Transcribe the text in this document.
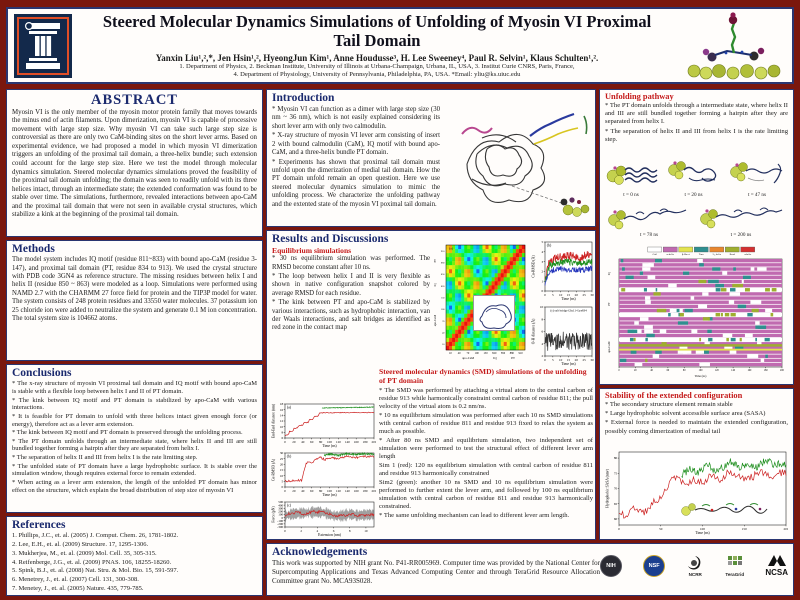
Steered Molecular Dynamics Simulations of Unfolding of Myosin VI Proximal Tail Domain
Yanxin Liu¹,²,*, Jen Hsin¹,², HyeongJun Kim¹, Anne Houdusse³, H. Lee Sweeney⁴, Paul R. Selvin¹, Klaus Schulten¹,².
1. Department of Physics, 2. Beckman Institute, University of Illinois at Urbana-Champaign, Urbana, IL, USA, 3. Institut Curie CNRS, Paris, France,
4. Department of Physiology, University of Pennsylvania, Philadelphia, PA, USA. *Email: yliu@ks.uiuc.edu
ABSTRACT
Myosin VI is the only member of the myosin motor protein family that moves towards the minus end of actin filaments. Upon dimerization, myosin VI is capable of processive movement with large step size. Why myosin VI can take such large step size is controversial as there are only two CaM-binding sites on the short lever arms. Based on experimental evidence, we had proposed a model in which myosin VI dimerization triggers an unfolding of the proximal tail domain, a three-helix bundle; such extension could account for the large step size. Here we test the model through molecular dynamics simulation. Steered molecular dynamics simulations proved the feasibility of the proximal tail domain unfolding; the domain was seen to readily unfold with its three helices intact, through an intermediate state; the extended conformation was found to be stable over time. The simulations, furthermore, revealed interactions between apo-CaM and the proximal tail domain that were not seen in available crystal structures, which stabilize a kink at the beginning of the proximal tail domain.
Methods
The model system includes IQ motif (residue 811~833) with bound apo-CaM (residue 3-147), and proximal tail domain (PT, residue 834 to 913). We used the crystal structure with PDB code 3GN4 as reference structure. The missing residues between helix I and helix II (residue 850 ~ 863) were modeled as a loop. Simulations were performed using NAMD 2.7 with the CHARMM 27 force field for protein and the TIP3P model for water. The system consists of 248 protein residues and 33550 water molecules. 37 potassium ion 25 chloride ion were added to neutralize the system and generate 0.1 M ion concentration. The total system size is 104662 atoms.
Conclusions

* The x-ray structure of myosin VI proximal tail domain and IQ motif with bound apo-CaM is stable with a flexible loop between helix I and II of PT domain.

* The kink between IQ motif and PT domain is stabilized by apo-CaM with various interactions.

* It is feasible for PT domain to unfold with three helices intact given enough force (or energy), therefore act as a lever arm extension.

* The kink between IQ motif and PT domain is preserved through the unfolding process.

* The PT domain unfolds through an intermediate state, where helix II and III are still bundled together forming a hairpin after they are separated from helix I.

* The separation of helix II and III from helix I is the rate limiting step.

* The unfolded state of PT domain have a large hydrophobic surface. It is stable over the simulation window, though requires external force to remain extended.

* When acting as a lever arm extension, the length of the unfolded PT domain has minor effect on the structure, which explain the broad distribution of step size of myosin VI

References

1. Phillips, J.C., et. al. (2005) J. Comput. Chem. 26, 1781-1802.

2. Lee, E.H., et. al. (2009) Structure. 17, 1295-1306.

3. Mukherjea, M., et. al. (2009) Mol. Cell. 35, 305-315.

4. Reifenberge, J.G., et. al. (2009) PNAS. 106, 18255-18260.

5. Spink, B.J., et. al. (2008) Nat. Stru. & Mol. Bio. 15, 591-597.

6. Menetrey, J., et. al. (2007) Cell. 131, 300-308.

7. Menetey, J., et. al. (2005) Nature. 435, 779-785.

Introduction

* Myosin VI can function as a dimer with large step size (30 nm ~ 36 nm), which is not easily explained considering its short lever arm with only two calmodulin.

* X-ray structure of myosin VI lever arm consisting of insert 2 with bound calmodulin (CaM), IQ motif with bound apo-CaM, and a three-helix bundle PT domain.

* Experiments has shown that proximal tail domain must unfold upon the dimerization of medial tail domain. How the PT domain unfold remain an open question. Here we use steered molecular dynamics simulation to mimic the unfolding process. We characterize the unfolding pathway and the extented state of the myosin VI poximal tail domain.

Results and Discussions
Equilibrium simulations

* 30 ns equilibrium simulation was performed. The RMSD become constant after 10 ns.

* The loop between helix I and II is very flexible as shown in native configuration snapshot colored by average RMSD for each residue.

* The kink between PT and apo-CaM is stabilized by various interactions, such as hydrophobic interaction, van der Waals interactions, and salt bridges as identified as red zone in the contact map

10 40 70 100 130 820 850 880 910
apo-CaM	IQ	PT
910
880
850
820
130
100
70
40
10
PT
IQ
apo-CaM
(a)
0 5 10 15 20 25 30
0
1
2
3
4
5
Time (ns)
Cα-RMSD (Å)
(b)
0 5 10 15 20 25 30
2
4
6
8
10
Time (ns)
O-H distance (Å)
(c) salt bridge Glu11~Lys834
Steered molecular dynamics (SMD) simulations of the unfolding of PT domain

* The SMD was performed by attaching a virtual atom to the central carbon of residue 913 while harmonically constraint central carbon of residue 811; the pull velocity of the virtual atom is 0.2 nm/ns.

* 10 ns equilibrium simulation was performed after each 10 ns SMD simulations with central carbon of residue 811 and residue 913 fixed to relax the system as much as possible.

* After 80 ns SMD and equilibrium simulation, two independent set of simulation were performed to test the structural effect of different lever arm length

Sim 1 (red): 120 ns equilibrium simulation with central carbon of residue 811 and residue 913 harmonically constrained

Sim2 (green): another 10 ns SMD and 10 ns equilibrium simulation were performed to further extent the lever arm, and followed by 100 ns equilibrium simulation with central carbon of residue 811 and residue 913 harmonically constrained.

* The same unfolding mechanism can lead to different lever arm length.

0 20 40 60 80 100 120 140 160 180 200
6
8
10
12
14
16
18
Time (ns)
End-End distance (nm)	(a)
0 20 40 60 80 100 120 140 160 180 200
0
5
10
15
20
25
30
Time (ns)
Cα-RMSD (Å)
(b)
0	2	4	6	8	10
-300
-200
-100
0
100
200
300
400
500
Extension (nm)
Force (pN)
(c)
Acknowledgements
This work was supported by NIH grant No. P41-RR005969. Computer time was provided by the National Center for Supercomputing Applications and Texas Advanced Computing Center and through TeraGrid Resource Allocation Committee grant No. MCA93S028.
NIH	NSF
NCRR	TeraGrid	NCSA
Unfolding pathway

* The PT domain unfolds through a intermediate state, where helix II and III are still bundled together forming a hairpin after they are separated from helix I.

* The separation of helix II and III from helix I is the rate limiting step.

t = 0 ns	t = 20 ns	t = 47 ns
t = 78 ns	t = 200 ns
Coil	α-helix	β-Sheet	Turn	3₁₀ helix	Bend	π-helix
IQ
PT
apo-CaM
0	20	40	60	80	100	120	140	160	180	200
Time (ns)
Stability of the extended configuration

* The secondary structure element remain stable

* Large hydrophobic solvent accessible surface area (SASA)

* External force is needed to maintain the extended configuration, possibly coming dimerization of medial tail

0	50	100	150	200
60
65
70
75
80
Time (ns)
Hydrophobic SASA (nm²)
